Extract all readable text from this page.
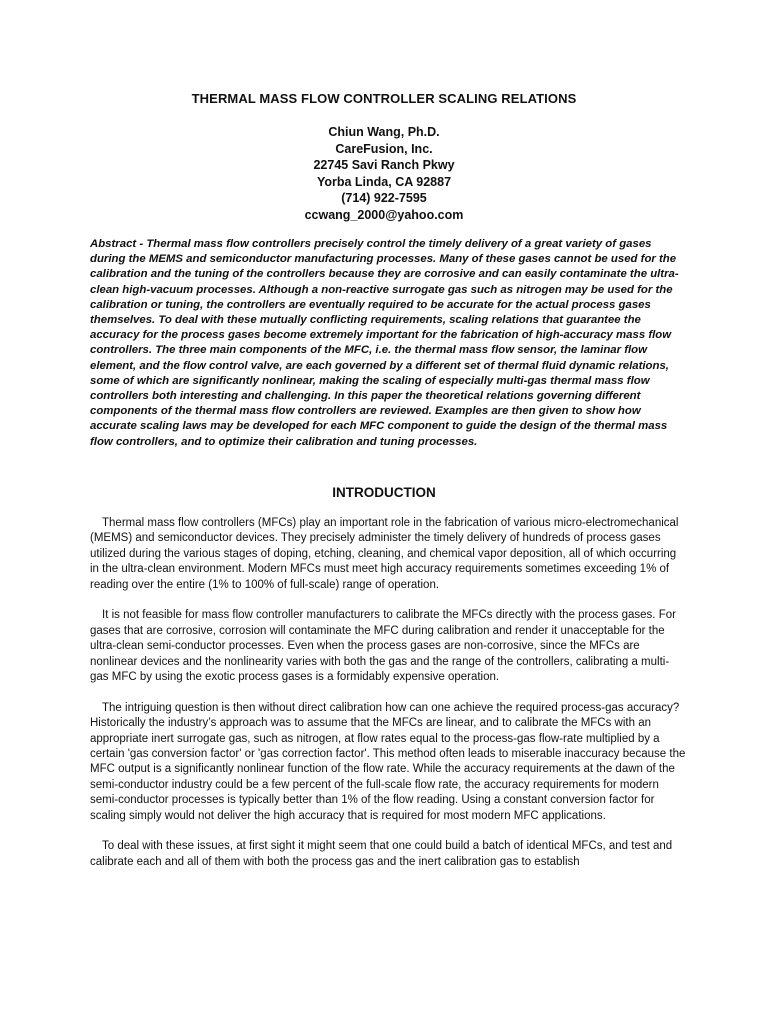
THERMAL MASS FLOW CONTROLLER SCALING RELATIONS
Chiun Wang, Ph.D.
CareFusion, Inc.
22745 Savi Ranch Pkwy
Yorba Linda, CA 92887
(714) 922-7595
ccwang_2000@yahoo.com
Abstract - Thermal mass flow controllers precisely control the timely delivery of a great variety of gases during the MEMS and semiconductor manufacturing processes. Many of these gases cannot be used for the calibration and the tuning of the controllers because they are corrosive and can easily contaminate the ultra-clean high-vacuum processes. Although a non-reactive surrogate gas such as nitrogen may be used for the calibration or tuning, the controllers are eventually required to be accurate for the actual process gases themselves. To deal with these mutually conflicting requirements, scaling relations that guarantee the accuracy for the process gases become extremely important for the fabrication of high-accuracy mass flow controllers. The three main components of the MFC, i.e. the thermal mass flow sensor, the laminar flow element, and the flow control valve, are each governed by a different set of thermal fluid dynamic relations, some of which are significantly nonlinear, making the scaling of especially multi-gas thermal mass flow controllers both interesting and challenging. In this paper the theoretical relations governing different components of the thermal mass flow controllers are reviewed. Examples are then given to show how accurate scaling laws may be developed for each MFC component to guide the design of the thermal mass flow controllers, and to optimize their calibration and tuning processes.
INTRODUCTION

Thermal mass flow controllers (MFCs) play an important role in the fabrication of various micro-electromechanical (MEMS) and semiconductor devices. They precisely administer the timely delivery of hundreds of process gases utilized during the various stages of doping, etching, cleaning, and chemical vapor deposition, all of which occurring in the ultra-clean environment. Modern MFCs must meet high accuracy requirements sometimes exceeding 1% of reading over the entire (1% to 100% of full-scale) range of operation.

It is not feasible for mass flow controller manufacturers to calibrate the MFCs directly with the process gases. For gases that are corrosive, corrosion will contaminate the MFC during calibration and render it unacceptable for the ultra-clean semi-conductor processes. Even when the process gases are non-corrosive, since the MFCs are nonlinear devices and the nonlinearity varies with both the gas and the range of the controllers, calibrating a multi-gas MFC by using the exotic process gases is a formidably expensive operation.

The intriguing question is then without direct calibration how can one achieve the required process-gas accuracy? Historically the industry’s approach was to assume that the MFCs are linear, and to calibrate the MFCs with an appropriate inert surrogate gas, such as nitrogen, at flow rates equal to the process-gas flow-rate multiplied by a certain 'gas conversion factor' or 'gas correction factor'. This method often leads to miserable inaccuracy because the MFC output is a significantly nonlinear function of the flow rate. While the accuracy requirements at the dawn of the semi-conductor industry could be a few percent of the full-scale flow rate, the accuracy requirements for modern semi-conductor processes is typically better than 1% of the flow reading. Using a constant conversion factor for scaling simply would not deliver the high accuracy that is required for most modern MFC applications.

To deal with these issues, at first sight it might seem that one could build a batch of identical MFCs, and test and calibrate each and all of them with both the process gas and the inert calibration gas to establish
